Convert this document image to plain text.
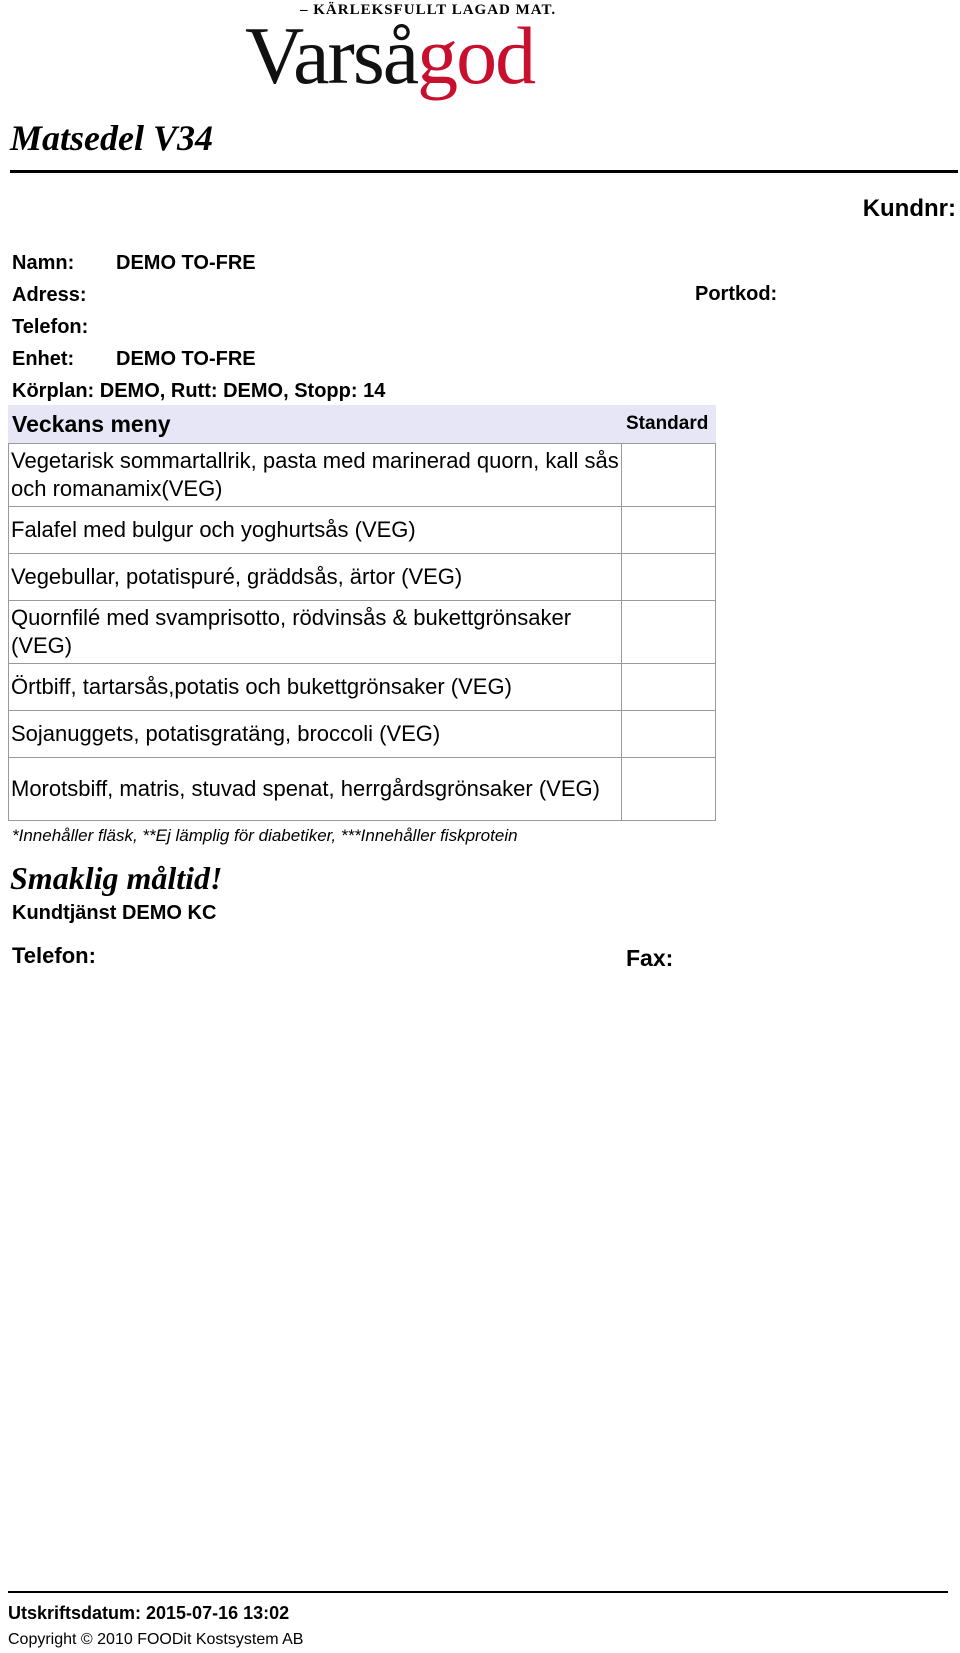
– KÄRLEKSFULLT LAGAD MAT.
Varsågod
Matsedel V34
Kundnr:
Namn: DEMO TO-FRE
Adress:	Portkod:
Telefon:
Enhet: DEMO TO-FRE
Körplan: DEMO, Rutt: DEMO, Stopp: 14
Veckans meny	Standard
Vegetarisk sommartallrik, pasta med marinerad quorn, kall sås och romanamix(VEG)	
Falafel med bulgur och yoghurtsås (VEG)	
Vegebullar, potatispuré, gräddsås, ärtor (VEG)	
Quornfilé med svamprisotto, rödvinsås & bukettgrönsaker (VEG)	
Örtbiff, tartarsås,potatis och bukettgrönsaker (VEG)	
Sojanuggets, potatisgratäng, broccoli (VEG)	
Morotsbiff, matris, stuvad spenat, herrgårdsgrönsaker (VEG)	
*Innehåller fläsk, **Ej lämplig för diabetiker, ***Innehåller fiskprotein
Smaklig måltid!
Kundtjänst DEMO KC
Telefon:	Fax:
Utskriftsdatum: 2015-07-16 13:02
Copyright © 2010 FOODit Kostsystem AB
